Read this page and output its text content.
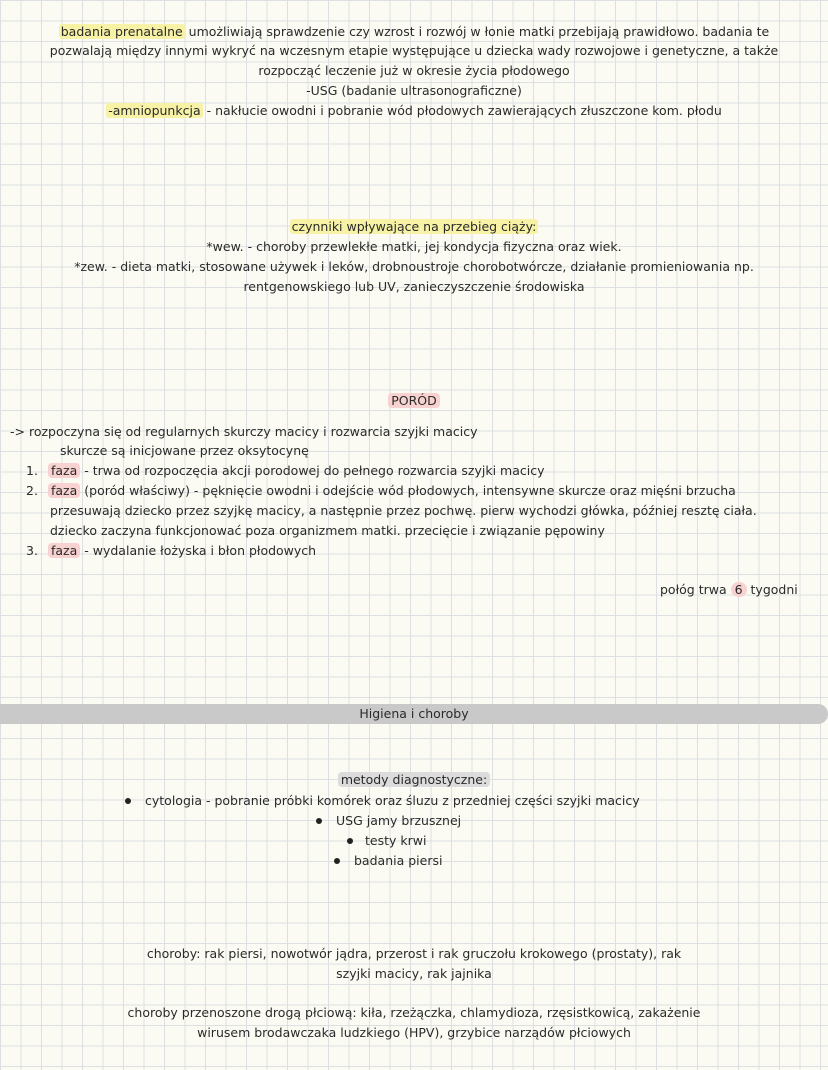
badania prenatalne umożliwiają sprawdzenie czy wzrost i rozwój w łonie matki przebijają prawidłowo. badania te
pozwalają między innymi wykryć na wczesnym etapie występujące u dziecka wady rozwojowe i genetyczne, a także
rozpocząć leczenie już w okresie życia płodowego
-USG (badanie ultrasonograficzne)
-amniopunkcja - nakłucie owodni i pobranie wód płodowych zawierających złuszczone kom. płodu
czynniki wpływające na przebieg ciąży:
*wew. - choroby przewlekłe matki, jej kondycja fizyczna oraz wiek.
*zew. - dieta matki, stosowane używek i leków, drobnoustroje chorobotwórcze, działanie promieniowania np.
rentgenowskiego lub UV, zanieczyszczenie środowiska
PORÓD
-> rozpoczyna się od regularnych skurczy macicy i rozwarcia szyjki macicy
skurcze są inicjowane przez oksytocynę
1. faza - trwa od rozpoczęcia akcji porodowej do pełnego rozwarcia szyjki macicy
2. faza (poród właściwy) - pęknięcie owodni i odejście wód płodowych, intensywne skurcze oraz mięśni brzucha
przesuwają dziecko przez szyjkę macicy, a następnie przez pochwę. pierw wychodzi główka, później resztę ciała.
dziecko zaczyna funkcjonować poza organizmem matki. przecięcie i związanie pępowiny
3. faza - wydalanie łożyska i błon płodowych
połóg trwa 6 tygodni
Higiena i choroby
metody diagnostyczne:
cytologia - pobranie próbki komórek oraz śluzu z przedniej części szyjki macicy
USG jamy brzusznej
testy krwi
badania piersi
choroby: rak piersi, nowotwór jądra, przerost i rak gruczołu krokowego (prostaty), rak
szyjki macicy, rak jajnika
choroby przenoszone drogą płciową: kiła, rzeżączka, chlamydioza, rzęsistkowicą, zakażenie
wirusem brodawczaka ludzkiego (HPV), grzybice narządów płciowych
